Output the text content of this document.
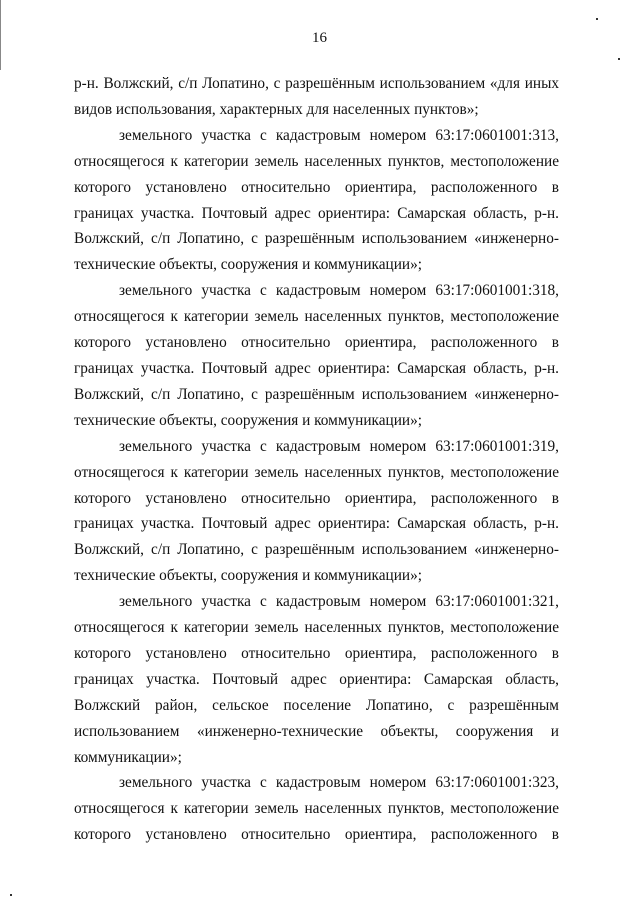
16

р-н. Волжский, с/п Лопатино, с разрешённым использованием «для иных видов использования, характерных для населенных пунктов»;

земельного участка с кадастровым номером 63:17:0601001:313, относящегося к категории земель населенных пунктов, местоположение которого установлено относительно ориентира, расположенного в границах участка. Почтовый адрес ориентира: Самарская область, р-н. Волжский, с/п Лопатино, с разрешённым использованием «инженерно-технические объекты, сооружения и коммуникации»;

земельного участка с кадастровым номером 63:17:0601001:318, относящегося к категории земель населенных пунктов, местоположение которого установлено относительно ориентира, расположенного в границах участка. Почтовый адрес ориентира: Самарская область, р-н. Волжский, с/п Лопатино, с разрешённым использованием «инженерно-технические объекты, сооружения и коммуникации»;

земельного участка с кадастровым номером 63:17:0601001:319, относящегося к категории земель населенных пунктов, местоположение которого установлено относительно ориентира, расположенного в границах участка. Почтовый адрес ориентира: Самарская область, р-н. Волжский, с/п Лопатино, с разрешённым использованием «инженерно-технические объекты, сооружения и коммуникации»;

земельного участка с кадастровым номером 63:17:0601001:321, относящегося к категории земель населенных пунктов, местоположение которого установлено относительно ориентира, расположенного в границах участка. Почтовый адрес ориентира: Самарская область, Волжский район, сельское поселение Лопатино, с разрешённым использованием «инженерно-технические объекты, сооружения и коммуникации»;

земельного участка с кадастровым номером 63:17:0601001:323, относящегося к категории земель населенных пунктов, местоположение которого установлено относительно ориентира, расположенного в
